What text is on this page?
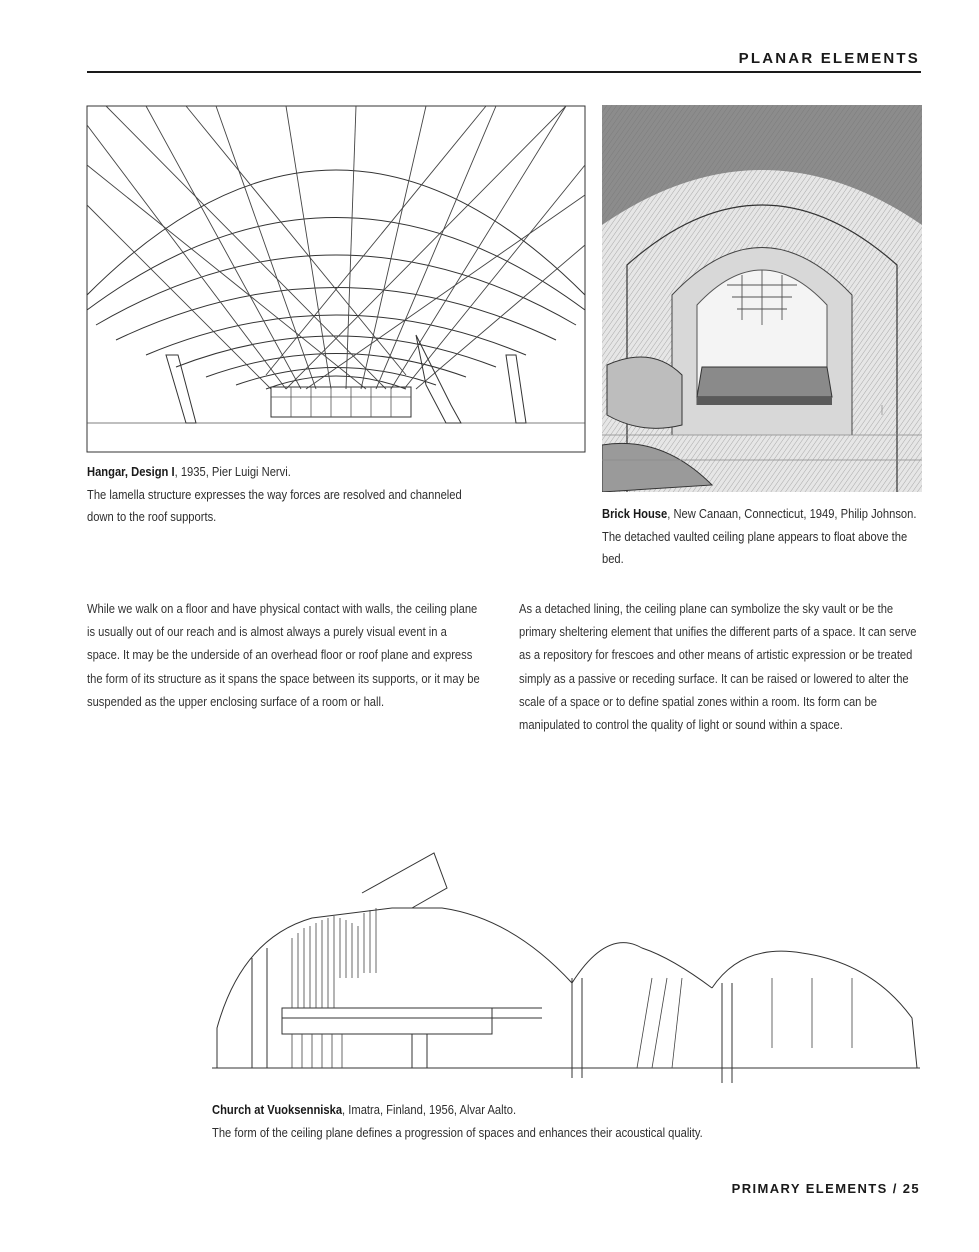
PLANAR ELEMENTS
Hangar, Design I, 1935, Pier Luigi Nervi.
The lamella structure expresses the way forces are resolved and channeled down to the roof supports.	Brick House, New Canaan, Connecticut, 1949, Philip Johnson. The detached vaulted ceiling plane appears to float above the bed.
While we walk on a floor and have physical contact with walls, the ceiling plane is usually out of our reach and is almost always a purely visual event in a space. It may be the underside of an overhead floor or roof plane and express the form of its structure as it spans the space between its supports, or it may be suspended as the upper enclosing surface of a room or hall.
As a detached lining, the ceiling plane can symbolize the sky vault or be the primary sheltering element that unifies the different parts of a space. It can serve as a repository for frescoes and other means of artistic expression or be treated simply as a passive or receding surface. It can be raised or lowered to alter the scale of a space or to define spatial zones within a room. Its form can be manipulated to control the quality of light or sound within a space.
Church at Vuoksenniska, Imatra, Finland, 1956, Alvar Aalto.
The form of the ceiling plane defines a progression of spaces and enhances their acoustical quality.
PRIMARY ELEMENTS / 25
